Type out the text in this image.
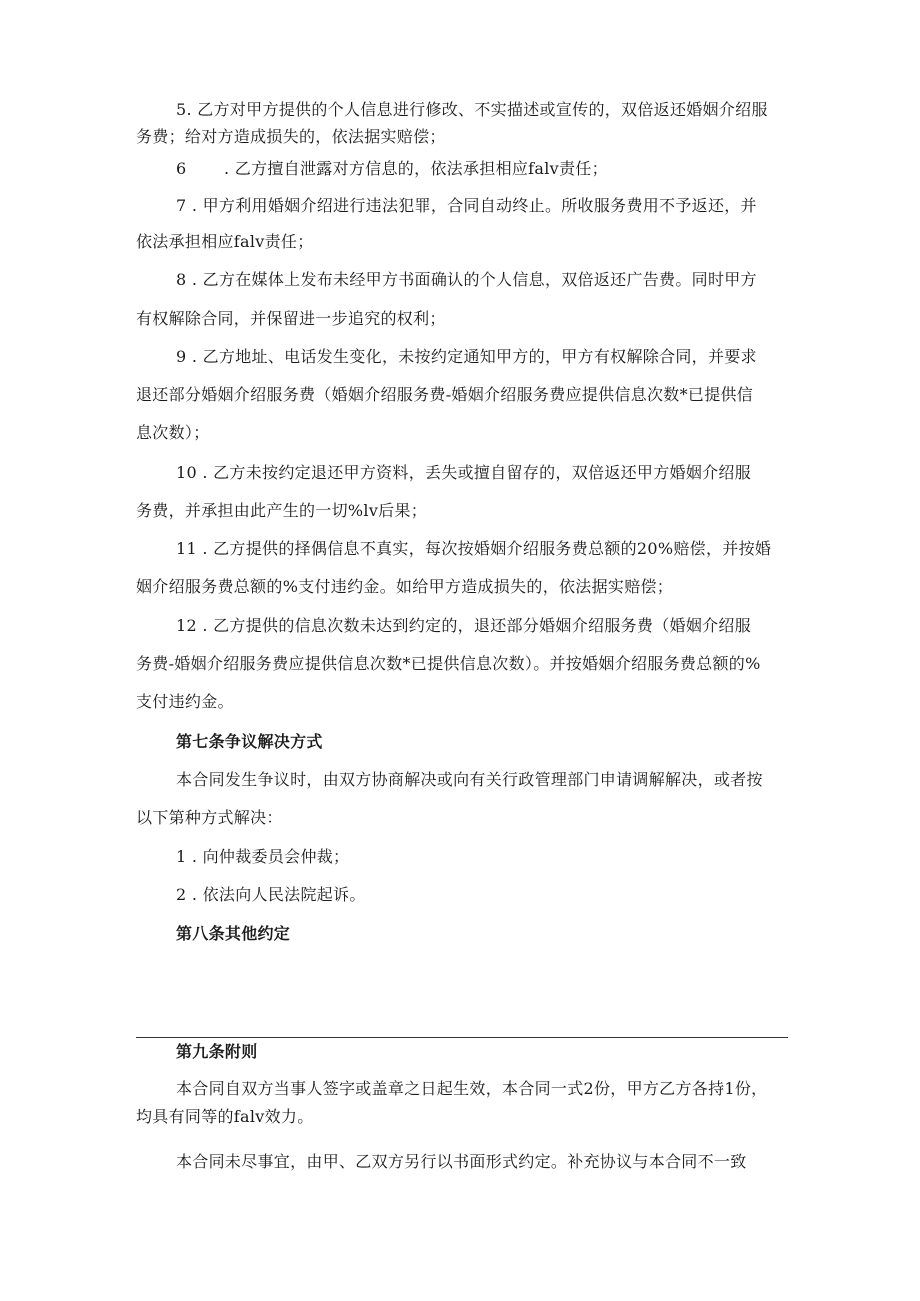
5. 乙方对甲方提供的个人信息进行修改、不实描述或宣传的，双倍返还婚姻介绍服
务费；给对方造成损失的，依法据实赔偿；
6 . 乙方擅自泄露对方信息的，依法承担相应falv责任；
7 . 甲方利用婚姻介绍进行违法犯罪，合同自动终止。所收服务费用不予返还，并
依法承担相应falv责任；
8 . 乙方在媒体上发布未经甲方书面确认的个人信息，双倍返还广告费。同时甲方
有权解除合同，并保留进一步追究的权利；
9 . 乙方地址、电话发生变化，未按约定通知甲方的，甲方有权解除合同，并要求
退还部分婚姻介绍服务费（婚姻介绍服务费-婚姻介绍服务费应提供信息次数*已提供信
息次数）；
10 . 乙方未按约定退还甲方资料，丢失或擅自留存的，双倍返还甲方婚姻介绍服
务费，并承担由此产生的一切%lv后果；
11 . 乙方提供的择偶信息不真实，每次按婚姻介绍服务费总额的20%赔偿，并按婚
姻介绍服务费总额的%支付违约金。如给甲方造成损失的，依法据实赔偿；
12 . 乙方提供的信息次数未达到约定的，退还部分婚姻介绍服务费（婚姻介绍服
务费-婚姻介绍服务费应提供信息次数*已提供信息次数）。并按婚姻介绍服务费总额的%
支付违约金。
第七条争议解决方式
本合同发生争议时，由双方协商解决或向有关行政管理部门申请调解解决，或者按
以下第种方式解决：
1 . 向仲裁委员会仲裁；
2 . 依法向人民法院起诉。
第八条其他约定
第九条附则
本合同自双方当事人签字或盖章之日起生效，本合同一式2份，甲方乙方各持1份，
均具有同等的falv效力。
本合同未尽事宜，由甲、乙双方另行以书面形式约定。补充协议与本合同不一致
